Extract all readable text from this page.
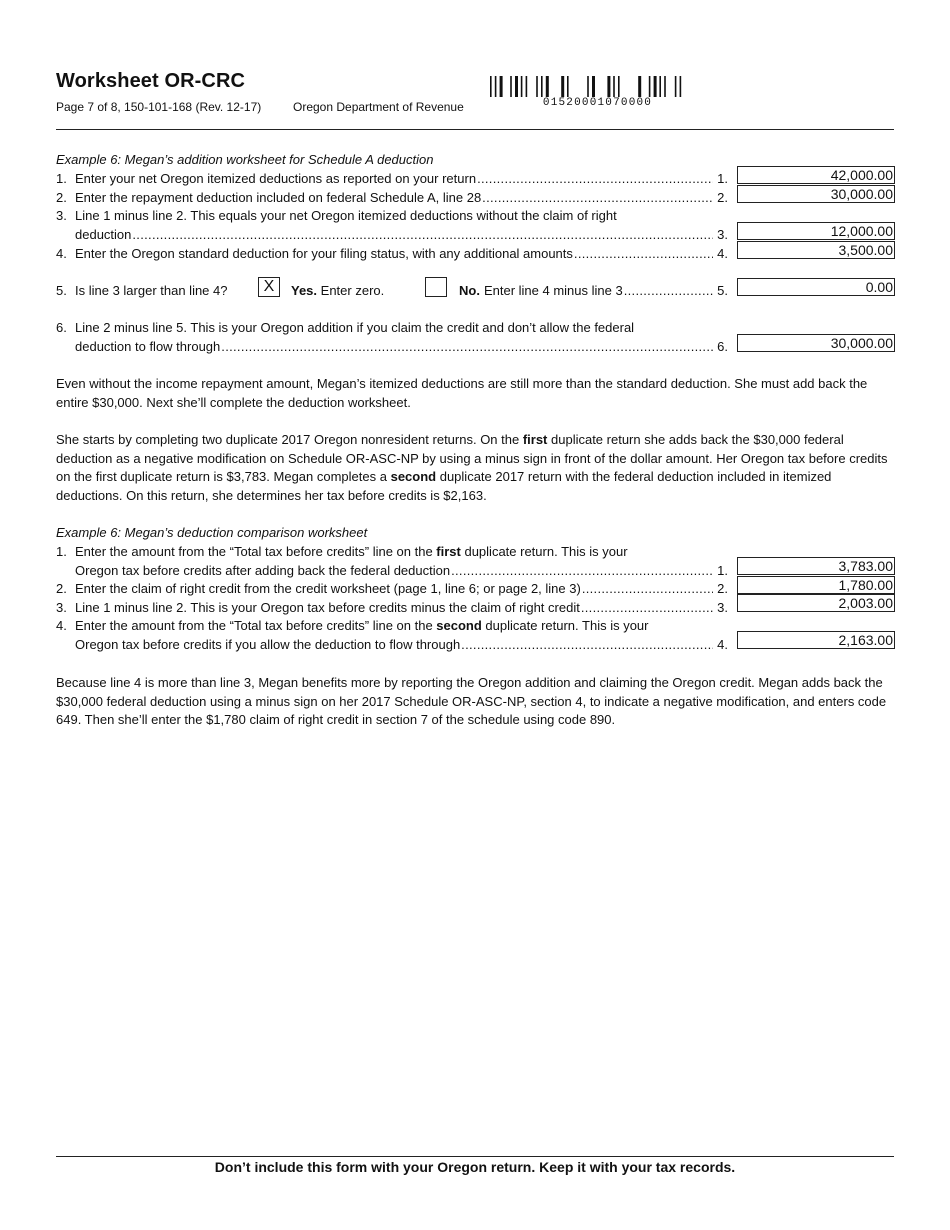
Worksheet OR-CRC
Page 7 of 8, 150-101-168 (Rev. 12-17)	Oregon Department of Revenue	01520001070000
Example 6: Megan’s addition worksheet for Schedule A deduction
1. Enter your net Oregon itemized deductions as reported on your return .....	1.	42,000.00
2. Enter the repayment deduction included on federal Schedule A, line 28 .....	2.	30,000.00
3. Line 1 minus line 2. This equals your net Oregon itemized deductions without the claim of right
deduction .....	3.	12,000.00
4. Enter the Oregon standard deduction for your filing status, with any additional amounts .....	4.	3,500.00
5. Is line 3 larger than line 4?	X	Yes. Enter zero.	No. Enter line 4 minus line 3 .....	5.	0.00
6. Line 2 minus line 5. This is your Oregon addition if you claim the credit and don’t allow the federal
deduction to flow through .....	6.	30,000.00
Even without the income repayment amount, Megan’s itemized deductions are still more than the standard deduction. She must add back the entire $30,000. Next she’ll complete the deduction worksheet.
She starts by completing two duplicate 2017 Oregon nonresident returns. On the first duplicate return she adds back the $30,000 federal deduction as a negative modification on Schedule OR-ASC-NP by using a minus sign in front of the dollar amount. Her Oregon tax before credits on the first duplicate return is $3,783. Megan completes a second duplicate 2017 return with the federal deduction included in itemized deductions. On this return, she determines her tax before credits is $2,163.
Example 6: Megan’s deduction comparison worksheet
1. Enter the amount from the “Total tax before credits” line on the first duplicate return. This is your
Oregon tax before credits after adding back the federal deduction .....	1.	3,783.00
2. Enter the claim of right credit from the credit worksheet (page 1, line 6; or page 2, line 3) .....	2.	1,780.00
3. Line 1 minus line 2. This is your Oregon tax before credits minus the claim of right credit .....	3.	2,003.00
4. Enter the amount from the “Total tax before credits” line on the second duplicate return. This is your
Oregon tax before credits if you allow the deduction to flow through .....	4.	2,163.00
Because line 4 is more than line 3, Megan benefits more by reporting the Oregon addition and claiming the Oregon credit. Megan adds back the $30,000 federal deduction using a minus sign on her 2017 Schedule OR-ASC-NP, section 4, to indicate a negative modification, and enters code 649. Then she’ll enter the $1,780 claim of right credit in section 7 of the schedule using code 890.
Don’t include this form with your Oregon return. Keep it with your tax records.
